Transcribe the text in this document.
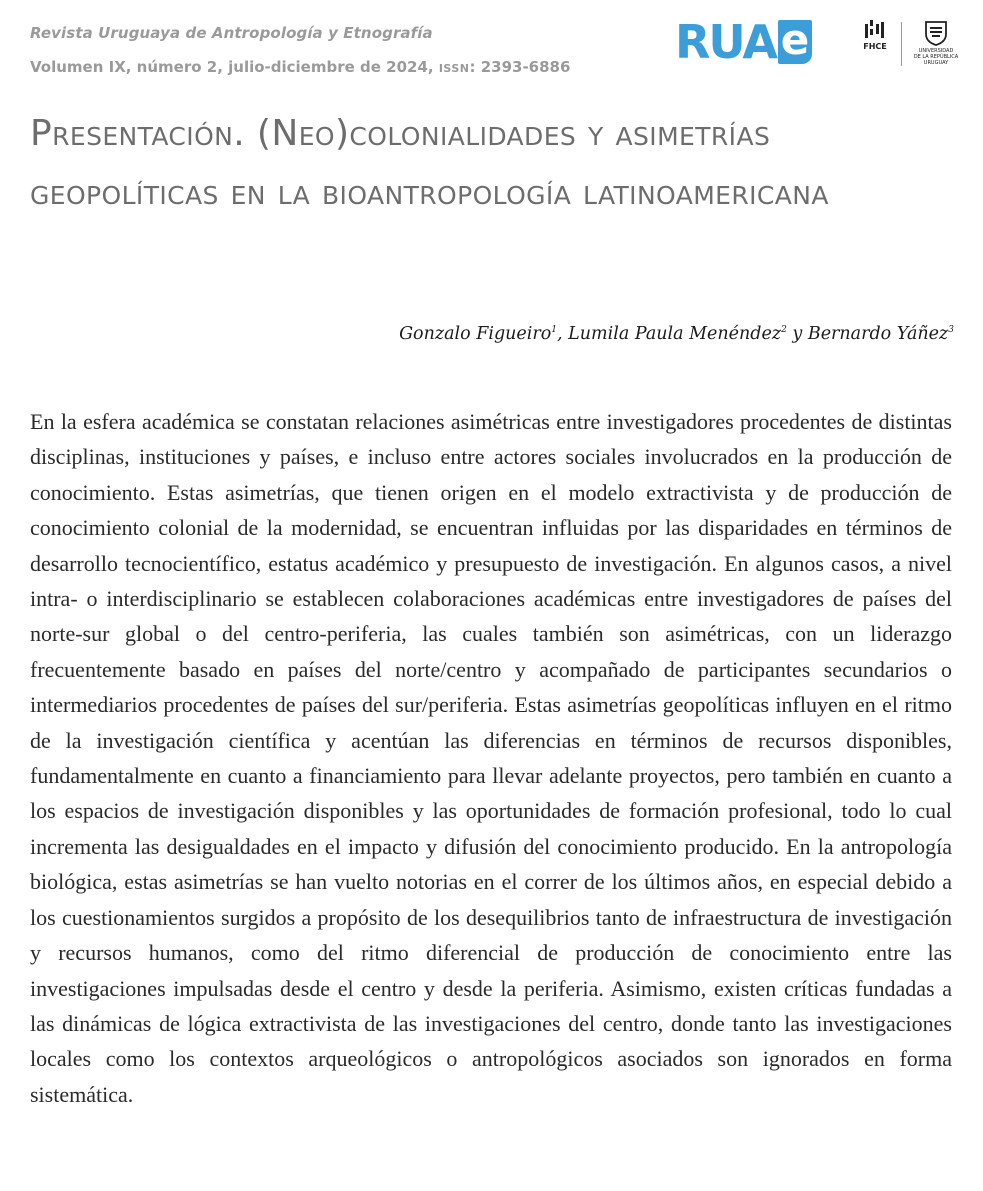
Revista Uruguaya de Antropología y Etnografía
Volumen IX, número 2, julio-diciembre de 2024, ISSN: 2393-6886 RUA e	FHCE	UNIVERSIDAD
DE LA REPÚBLICA
URUGUAY
Presentación. (Neo)colonialidades y asimetrías geopolíticas en la bioantropología latinoamericana
Gonzalo Figueiro$^1$, Lumila Paula Menéndez$^2$ y Bernardo Yáñez$^3$

En la esfera académica se constatan relaciones asimétricas entre investigadores procedentes de distintas disciplinas, instituciones y países, e incluso entre actores sociales involucrados en la producción de conocimiento. Estas asimetrías, que tienen origen en el modelo extractivista y de producción de conocimiento colonial de la modernidad, se encuentran influidas por las disparidades en términos de desarrollo tecnocientífico, estatus académico y presupuesto de investigación. En algunos casos, a nivel intra- o interdisciplinario se establecen colaboraciones académicas entre investigadores de países del norte-sur global o del centro-periferia, las cuales también son asimétricas, con un liderazgo frecuentemente basado en países del norte/centro y acompañado de participantes secundarios o intermediarios procedentes de países del sur/​periferia. Estas asimetrías geopolíticas influyen en el ritmo de la investigación científica y acentúan las diferencias en términos de recursos disponibles, fundamentalmente en cuanto a financiamiento para llevar adelante proyectos, pero también en cuanto a los espacios de investigación disponibles y las oportunidades de formación profesional, todo lo cual incrementa las desigualdades en el impacto y difusión del conocimiento producido. En la antropología biológica, estas asimetrías se han vuelto notorias en el correr de los últimos años, en especial debido a los cuestionamientos surgidos a propósito de los desequilibrios tanto de infraestructura de investigación y recursos humanos, como del ritmo diferencial de producción de conocimiento entre las investigaciones impulsadas desde el centro y desde la periferia. Asimismo, existen críticas fundadas a las dinámicas de lógica extractivista de las investigaciones del centro, donde tanto las investigaciones locales como los contextos arqueológicos o antropológicos asociados son ignorados en forma sistemática.
